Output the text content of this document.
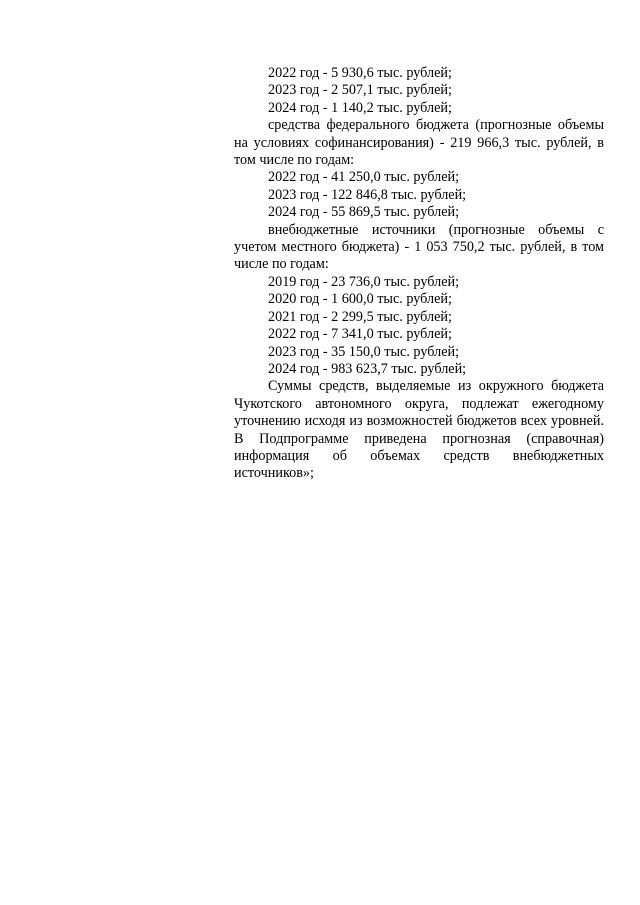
2022 год - 5 930,6 тыс. рублей;

2023 год - 2 507,1 тыс. рублей;

2024 год - 1 140,2 тыс. рублей;

средства федерального бюджета (прогнозные объемы на условиях софинансирования) - 219 966,3 тыс. рублей, в том числе по годам:

2022 год - 41 250,0 тыс. рублей;

2023 год - 122 846,8 тыс. рублей;

2024 год - 55 869,5 тыс. рублей;

внебюджетные источники (прогнозные объемы с учетом местного бюджета) - 1 053 750,2 тыс. рублей, в том числе по годам:

2019 год - 23 736,0 тыс. рублей;

2020 год - 1 600,0 тыс. рублей;

2021 год - 2 299,5 тыс. рублей;

2022 год - 7 341,0 тыс. рублей;

2023 год - 35 150,0 тыс. рублей;

2024 год - 983 623,7 тыс. рублей;

Суммы средств, выделяемые из окружного бюджета Чукотского автономного округа, подлежат ежегодному уточнению исходя из возможностей бюджетов всех уровней. В Подпрограмме приведена прогнозная (справочная) информация об объемах средств внебюджетных источников»;
